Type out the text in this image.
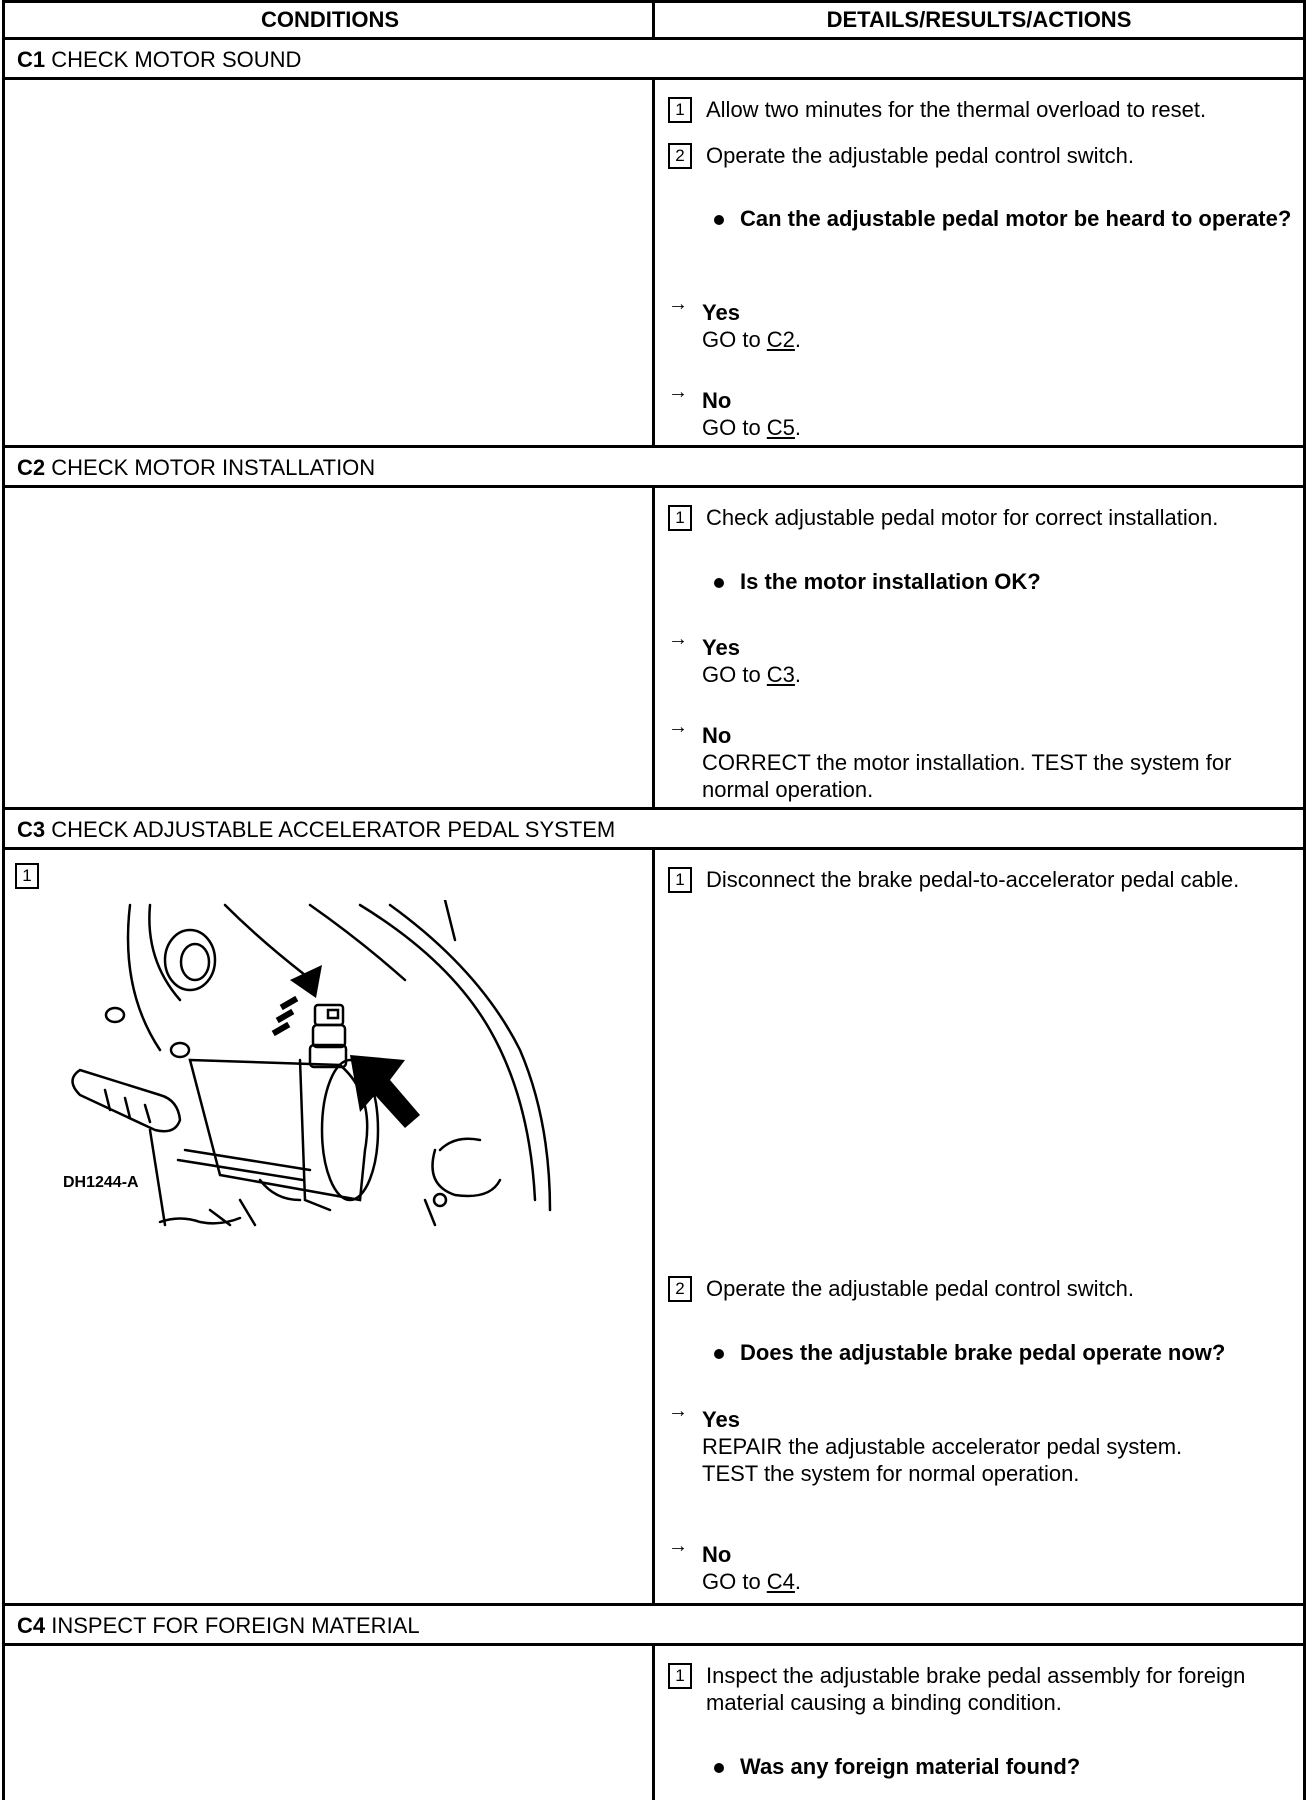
CONDITIONS	DETAILS/RESULTS/ACTIONS
C1 CHECK MOTOR SOUND
1 Allow two minutes for the thermal overload to reset.
2 Operate the adjustable pedal control switch.
Can the adjustable pedal motor be heard to operate?
→ Yes
GO to C2.
→ No
GO to C5.
C2 CHECK MOTOR INSTALLATION
1 Check adjustable pedal motor for correct installation.
Is the motor installation OK?
→ Yes
GO to C3.
→ No
CORRECT the motor installation. TEST the system for normal operation.
C3 CHECK ADJUSTABLE ACCELERATOR PEDAL SYSTEM
1
DH1244-A
1 Disconnect the brake pedal-to-accelerator pedal cable.
2 Operate the adjustable pedal control switch.
Does the adjustable brake pedal operate now?
→ Yes
REPAIR the adjustable accelerator pedal system.
TEST the system for normal operation.
→ No
GO to C4.
C4 INSPECT FOR FOREIGN MATERIAL
1 Inspect the adjustable brake pedal assembly for foreign material causing a binding condition.
Was any foreign material found?
